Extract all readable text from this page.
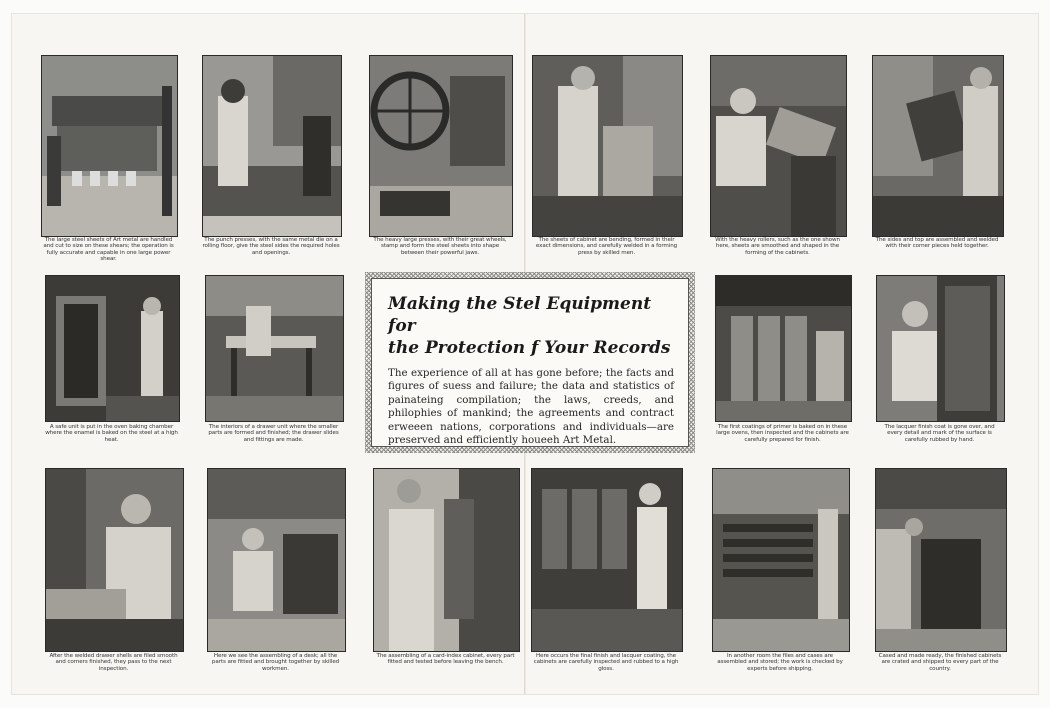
The large steel sheets of Art metal are handled and cut to size on these shears; the operation is fully accurate and capable in one large power shear.
The punch presses, with the same metal die on a rolling floor, give the steel sides the required holes and openings.
The heavy large presses, with their great wheels, stamp and form the steel sheets into shape between their powerful jaws.
The sheets of cabinet are bending, formed in their exact dimensions, and carefully welded in a forming press by skilled men.
With the heavy rollers, such as the one shown here, sheets are smoothed and shaped in the forming of the cabinets.
The sides and top are assembled and welded with their corner pieces held together.
A safe unit is put in the oven baking chamber where the enamel is baked on the steel at a high heat.
The interiors of a drawer unit where the smaller parts are formed and finished; the drawer slides and fittings are made.

Making the Stel Equipment for
the Protection f Your Records

The experience of all at has gone before; the facts and figures of suess and failure; the data and statistics of painateing compilation; the laws, creeds, and philophies of mankind; the agreements and contract erweeen nations, corporations and individuals—are preserved and efficiently houeeh Art Metal.

The first coatings of primer is baked on in these large ovens, then inspected and the cabinets are carefully prepared for finish.
The lacquer finish coat is gone over, and every detail and mark of the surface is carefully rubbed by hand.
After the welded drawer shells are filed smooth and corners finished, they pass to the next inspection.
Here we see the assembling of a desk; all the parts are fitted and brought together by skilled workmen.
The assembling of a card-index cabinet, every part fitted and tested before leaving the bench.
Here occurs the final finish and lacquer coating, the cabinets are carefully inspected and rubbed to a high gloss.
In another room the files and cases are assembled and stored; the work is checked by experts before shipping.
Cased and made ready, the finished cabinets are crated and shipped to every part of the country.
